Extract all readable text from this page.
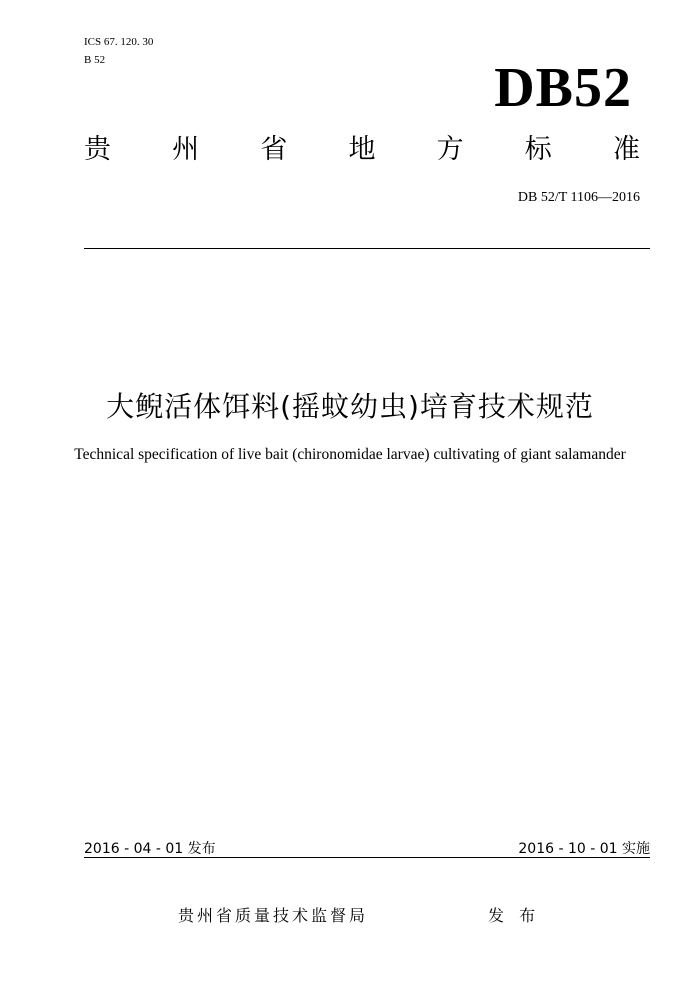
ICS 67. 120. 30
B 52	DB52
贵 州 省 地 方 标 准
DB 52/T 1106—2016
大鲵活体饵料(摇蚊幼虫)培育技术规范
Technical specification of live bait (chironomidae larvae) cultivating of giant salamander
2016 - 04 - 01 发布	2016 - 10 - 01 实施
贵州省质量技术监督局	发 布
